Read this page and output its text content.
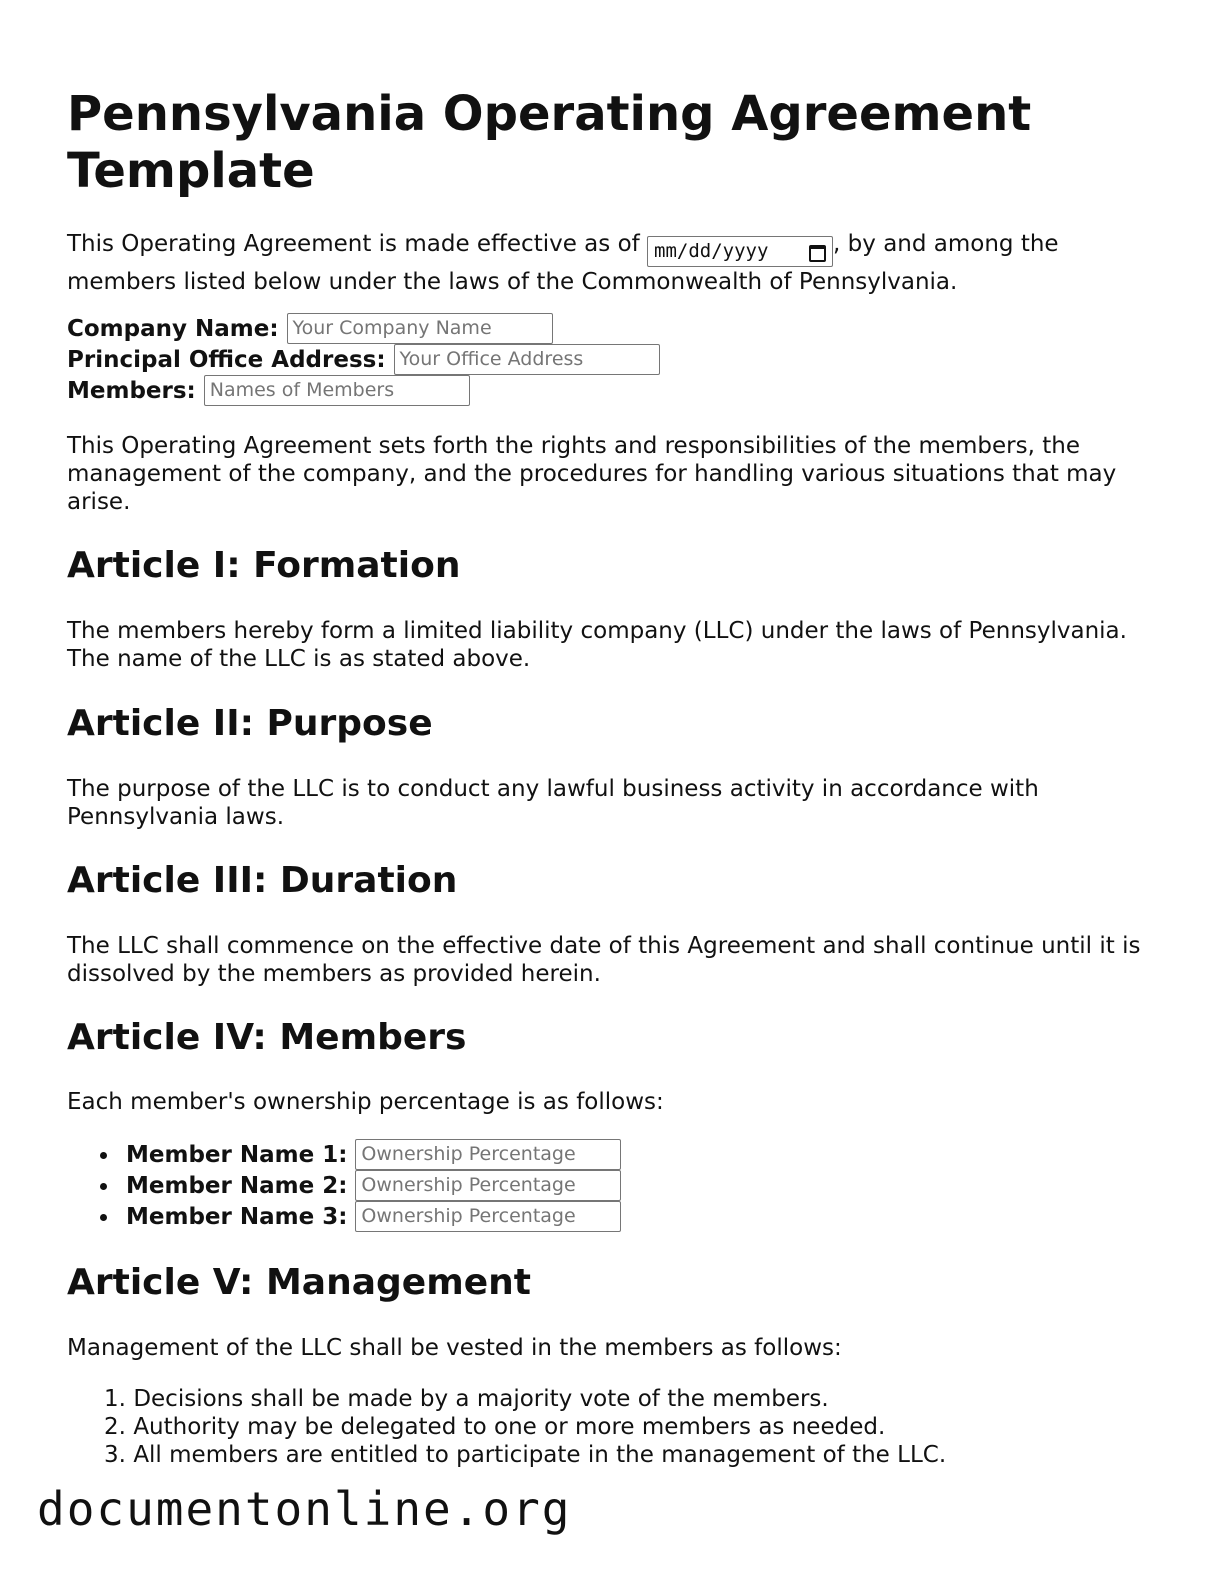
Pennsylvania Operating Agreement Template

This Operating Agreement is made effective as of mm/dd/yyyy	, by and among the members listed below under the laws of the Commonwealth of Pennsylvania.

Company Name: Your Company Name
Principal Office Address: Your Office Address
Members: Names of Members

This Operating Agreement sets forth the rights and responsibilities of the members, the management of the company, and the procedures for handling various situations that may arise.

Article I: Formation

The members hereby form a limited liability company (LLC) under the laws of Pennsylvania. The name of the LLC is as stated above.

Article II: Purpose

The purpose of the LLC is to conduct any lawful business activity in accordance with Pennsylvania laws.

Article III: Duration

The LLC shall commence on the effective date of this Agreement and shall continue until it is dissolved by the members as provided herein.

Article IV: Members

Each member's ownership percentage is as follows:

Member Name 1: Ownership Percentage
Member Name 2: Ownership Percentage
Member Name 3: Ownership Percentage
Article V: Management

Management of the LLC shall be vested in the members as follows:

1.
Decisions shall be made by a majority vote of the members.
2.
Authority may be delegated to one or more members as needed.
3.
All members are entitled to participate in the management of the LLC.
documentonline.org
